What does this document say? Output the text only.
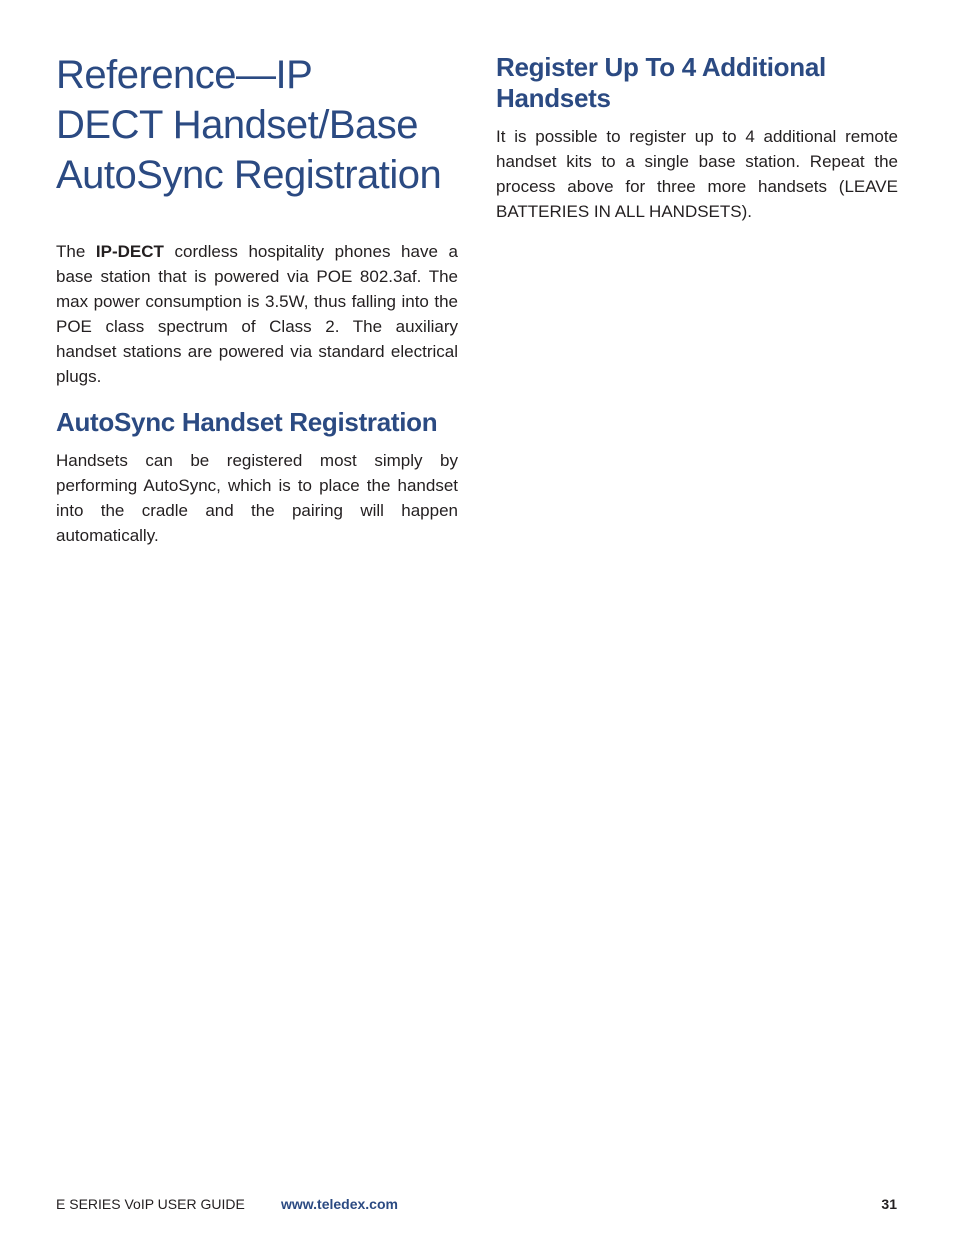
Reference—IP
DECT Handset/Base
AutoSync Registration

The IP-DECT cordless hospitality phones have a base station that is powered via POE 802.3af. The max power consumption is 3.5W, thus falling into the POE class spectrum of Class 2. The auxiliary handset stations are powered via standard electrical plugs.

AutoSync Handset Registration

Handsets can be registered most simply by performing AutoSync, which is to place the handset into the cradle and the pairing will happen automatically.

Register Up To 4 Additional Handsets

It is possible to register up to 4 additional remote handset kits to a single base station. Repeat the process above for three more handsets (LEAVE BATTERIES IN ALL HANDSETS).

E SERIES VoIP USER GUIDE	www.teledex.com	31
